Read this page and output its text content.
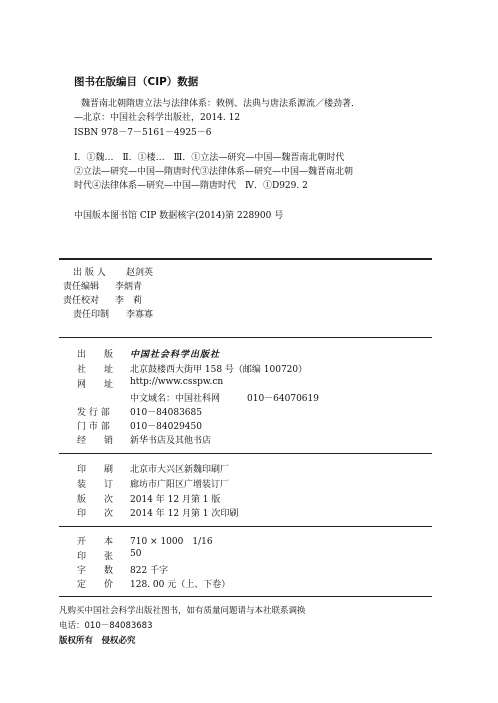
图书在版编目（CIP）数据
魏晋南北朝隋唐立法与法律体系：敕例、法典与唐法系源流／楼劲著．
—北京：中国社会科学出版社，2014. 12
ISBN 978－7－5161－4925－6
Ⅰ．①魏…　Ⅱ．①楼…　Ⅲ．①立法—研究—中国—魏晋南北朝时代
②立法—研究—中国—隋唐时代③法律体系—研究—中国—魏晋南北朝
时代④法律体系—研究—中国—隋唐时代　Ⅳ．①D929. 2
中国版本图书馆 CIP 数据核字(2014)第 228900 号
出 版 人 赵剑英
责任编辑 李炳青
责任校对 李　莉
责任印制 李寡寡
出　　版 中国社会科学出版社
社　　址 北京鼓楼西大街甲 158 号（邮编 100720）
网　　址 http://www.csspw.cn
中文域名：中国社科网　　　010－64070619
发 行 部 010－84083685
门 市 部 010－84029450
经　　销 新华书店及其他书店
印　　刷 北京市大兴区新魏印刷厂
装　　订 廊坊市广阳区广增装订厂
版　　次 2014 年 12 月第 1 版
印　　次 2014 年 12 月第 1 次印刷
开　　本 710 × 1000　1/16
印　　张 50
字　　数 822 千字
定　　价 128. 00 元（上、下卷）
凡购买中国社会科学出版社图书，如有质量问题请与本社联系调换
电话：010－84083683
版权所有　侵权必究
